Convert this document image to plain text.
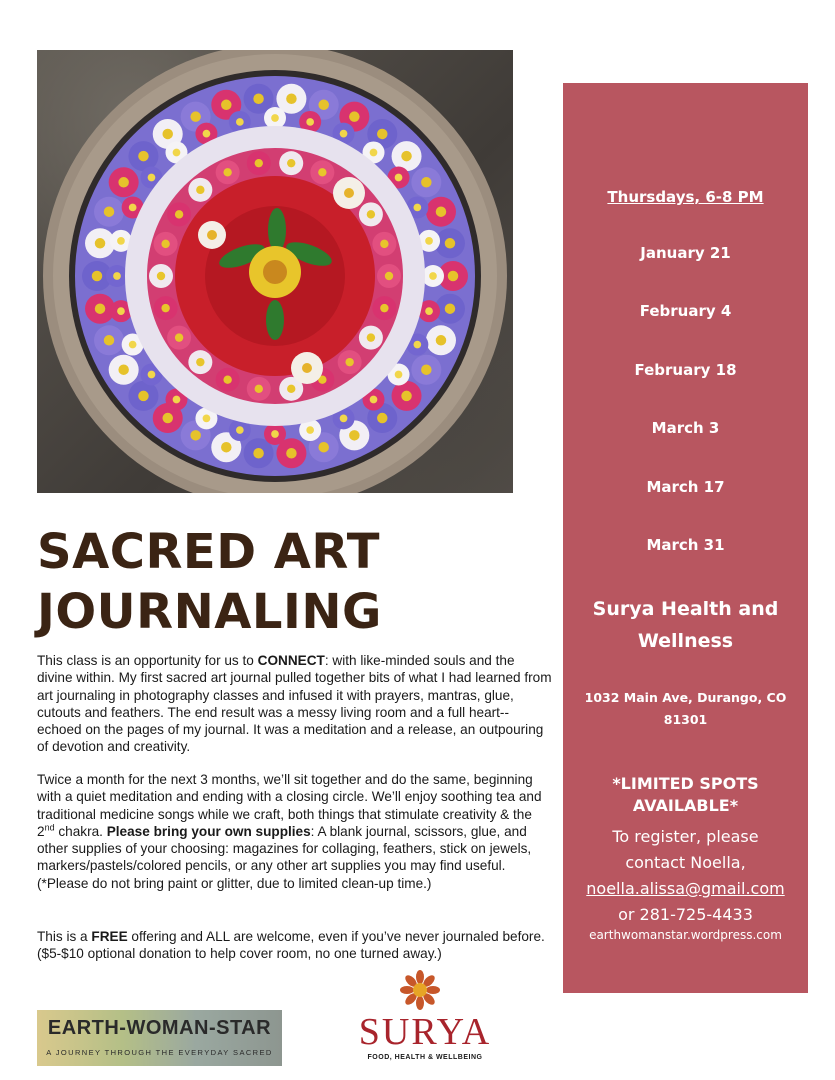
SACRED ART
JOURNALING

This class is an opportunity for us to CONNECT: with like-minded souls and the divine within. My first sacred art journal pulled together bits of what I had learned from art journaling in photography classes and infused it with prayers, mantras, glue, cutouts and feathers. The end result was a messy living room and a full heart--echoed on the pages of my journal. It was a meditation and a release, an outpouring of devotion and creativity.

Twice a month for the next 3 months, we’ll sit together and do the same, beginning with a quiet meditation and ending with a closing circle. We’ll enjoy soothing tea and traditional medicine songs while we craft, both things that stimulate creativity & the 2nd chakra. Please bring your own supplies: A blank journal, scissors, glue, and other supplies of your choosing: magazines for collaging, feathers, stick on jewels, markers/pastels/colored pencils, or any other art supplies you may find useful. (*Please do not bring paint or glitter, due to limited clean-up time.)

This is a FREE offering and ALL are welcome, even if you’ve never journaled before. ($5-$10 optional donation to help cover room, no one turned away.)

Thursdays, 6-8 PM
January 21
February 4
February 18
March 3
March 17
March 31
Surya Health and Wellness
1032 Main Ave, Durango, CO 81301
*LIMITED SPOTS AVAILABLE*
To register, please contact Noella,
noella.alissa@gmail.com
or 281-725-4433
earthwomanstar.wordpress.com
EARTH-WOMAN-STAR
A JOURNEY THROUGH THE EVERYDAY SACRED SURYA
FOOD, HEALTH & WELLBEING
